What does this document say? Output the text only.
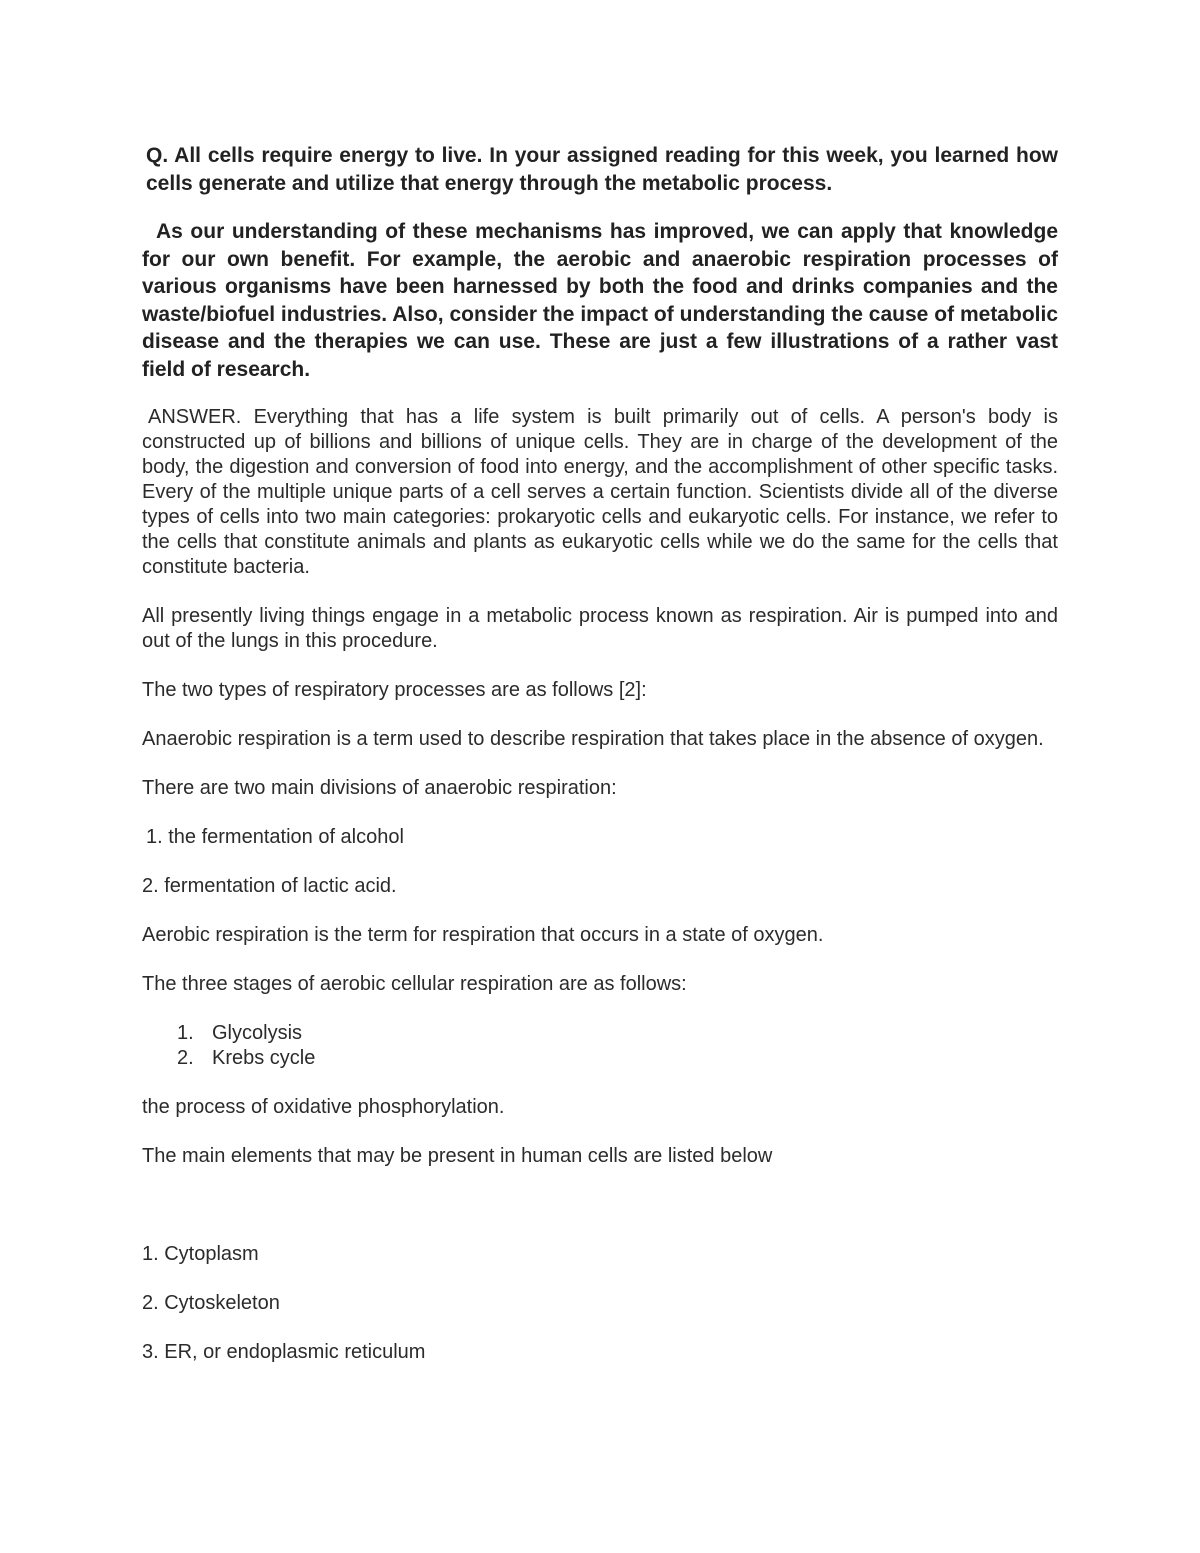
Q. All cells require energy to live. In your assigned reading for this week, you learned how cells generate and utilize that energy through the metabolic process.

As our understanding of these mechanisms has improved, we can apply that knowledge for our own benefit. For example, the aerobic and anaerobic respiration processes of various organisms have been harnessed by both the food and drinks companies and the waste/biofuel industries. Also, consider the impact of understanding the cause of metabolic disease and the therapies we can use. These are just a few illustrations of a rather vast field of research.

ANSWER. Everything that has a life system is built primarily out of cells. A person's body is constructed up of billions and billions of unique cells. They are in charge of the development of the body, the digestion and conversion of food into energy, and the accomplishment of other specific tasks. Every of the multiple unique parts of a cell serves a certain function. Scientists divide all of the diverse types of cells into two main categories: prokaryotic cells and eukaryotic cells. For instance, we refer to the cells that constitute animals and plants as eukaryotic cells while we do the same for the cells that constitute bacteria.

All presently living things engage in a metabolic process known as respiration. Air is pumped into and out of the lungs in this procedure.

The two types of respiratory processes are as follows [2]:

Anaerobic respiration is a term used to describe respiration that takes place in the absence of oxygen.

There are two main divisions of anaerobic respiration:

1. the fermentation of alcohol

2. fermentation of lactic acid.

Aerobic respiration is the term for respiration that occurs in a state of oxygen.

The three stages of aerobic cellular respiration are as follows:

1. Glycolysis
2. Krebs cycle

the process of oxidative phosphorylation.

The main elements that may be present in human cells are listed below

1. Cytoplasm

2. Cytoskeleton

3. ER, or endoplasmic reticulum
